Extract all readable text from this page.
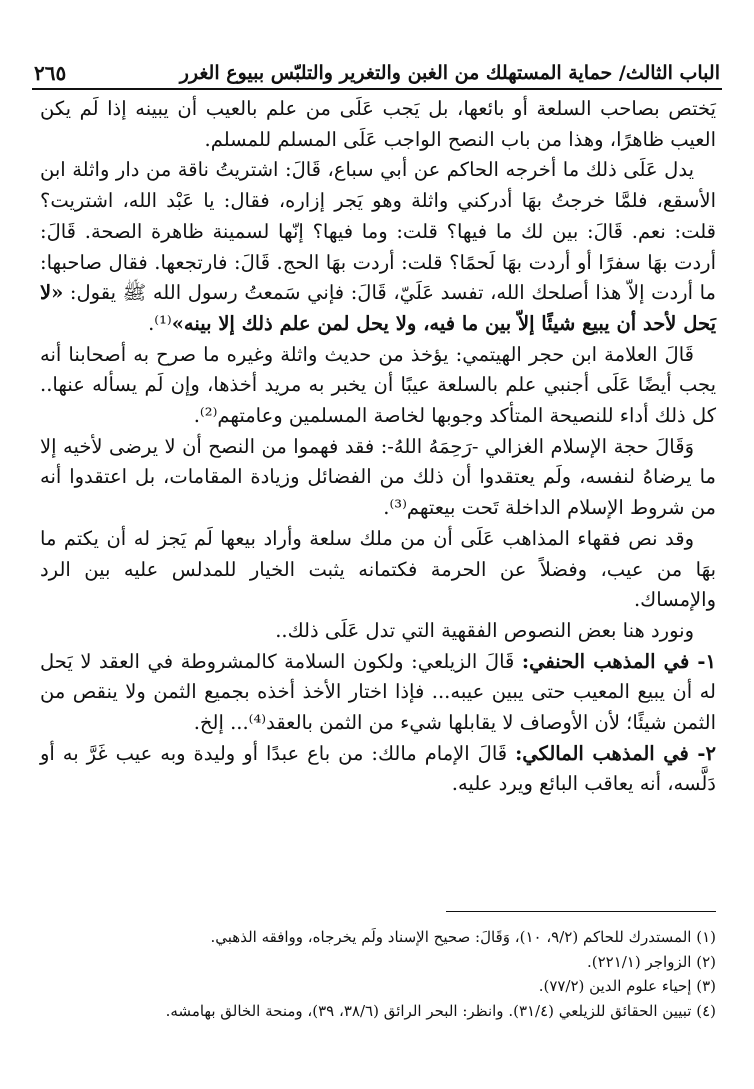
الباب الثالث/ حماية المستهلك من الغبن والتغرير والتلبّس ببيوع الغرر
٢٦٥

يَختص بصاحب السلعة أو بائعها، بل يَجب عَلَى من علم بالعيب أن يبينه إذا لَم يكن العيب ظاهرًا، وهذا من باب النصح الواجب عَلَى المسلم للمسلم.

يدل عَلَى ذلك ما أخرجه الحاكم عن أبي سباع، قَالَ: اشتريتُ ناقة من دار واثلة ابن الأسقع، فلمَّا خرجتُ بهَا أدركني واثلة وهو يَجر إزاره، فقال: يا عَبْد الله، اشتريت؟ قلت: نعم. قَالَ: بين لك ما فيها؟ قلت: وما فيها؟ إنّها لسمينة ظاهرة الصحة. قَالَ: أردت بهَا سفرًا أو أردت بهَا لَحمًا؟ قلت: أردت بهَا الحج. قَالَ: فارتجعها. فقال صاحبها: ما أردت إلاّ هذا أصلحك الله، تفسد عَلَيّ، قَالَ: فإني سَمعتُ رسول الله ﷺ يقول: «لا يَحل لأحد أن يبيع شيئًا إلاّ بين ما فيه، ولا يحل لمن علم ذلك إلا بينه»⁽¹⁾.

قَالَ العلامة ابن حجر الهيتمي: يؤخذ من حديث واثلة وغيره ما صرح به أصحابنا أنه يجب أيضًا عَلَى أجنبي علم بالسلعة عيبًا أن يخبر به مريد أخذها، وإن لَم يسأله عنها.. كل ذلك أداء للنصيحة المتأكد وجوبها لخاصة المسلمين وعامتهم⁽²⁾.

وَقَالَ حجة الإسلام الغزالي -رَحِمَهُ اللهُ-: فقد فهموا من النصح أن لا يرضى لأخيه إلا ما يرضاهُ لنفسه، ولَم يعتقدوا أن ذلك من الفضائل وزيادة المقامات، بل اعتقدوا أنه من شروط الإسلام الداخلة تَحت بيعتهم⁽³⁾.

وقد نص فقهاء المذاهب عَلَى أن من ملك سلعة وأراد بيعها لَم يَجز له أن يكتم ما بهَا من عيب، وفضلاً عن الحرمة فكتمانه يثبت الخيار للمدلس عليه بين الرد والإمساك.

ونورد هنا بعض النصوص الفقهية التي تدل عَلَى ذلك..

١- في المذهب الحنفي: قَالَ الزيلعي: ولكون السلامة كالمشروطة في العقد لا يَحل له أن يبيع المعيب حتى يبين عيبه... فإذا اختار الأخذ أخذه بجميع الثمن ولا ينقص من الثمن شيئًا؛ لأن الأوصاف لا يقابلها شيء من الثمن بالعقد⁽⁴⁾... إلخ.

٢- في المذهب المالكي: قَالَ الإمام مالك: من باع عبدًا أو وليدة وبه عيب غَرَّ به أو دَلَّسه، أنه يعاقب البائع ويرد عليه.

(١) المستدرك للحاكم (٩/٢، ١٠)، وَقَالَ: صحيح الإسناد ولَم يخرجاه، ووافقه الذهبي.
(٢) الزواجر (٢٢١/١).
(٣) إحياء علوم الدين (٧٧/٢).
(٤) تبيين الحقائق للزيلعي (٣١/٤). وانظر: البحر الرائق (٣٨/٦، ٣٩)، ومنحة الخالق بهامشه.
